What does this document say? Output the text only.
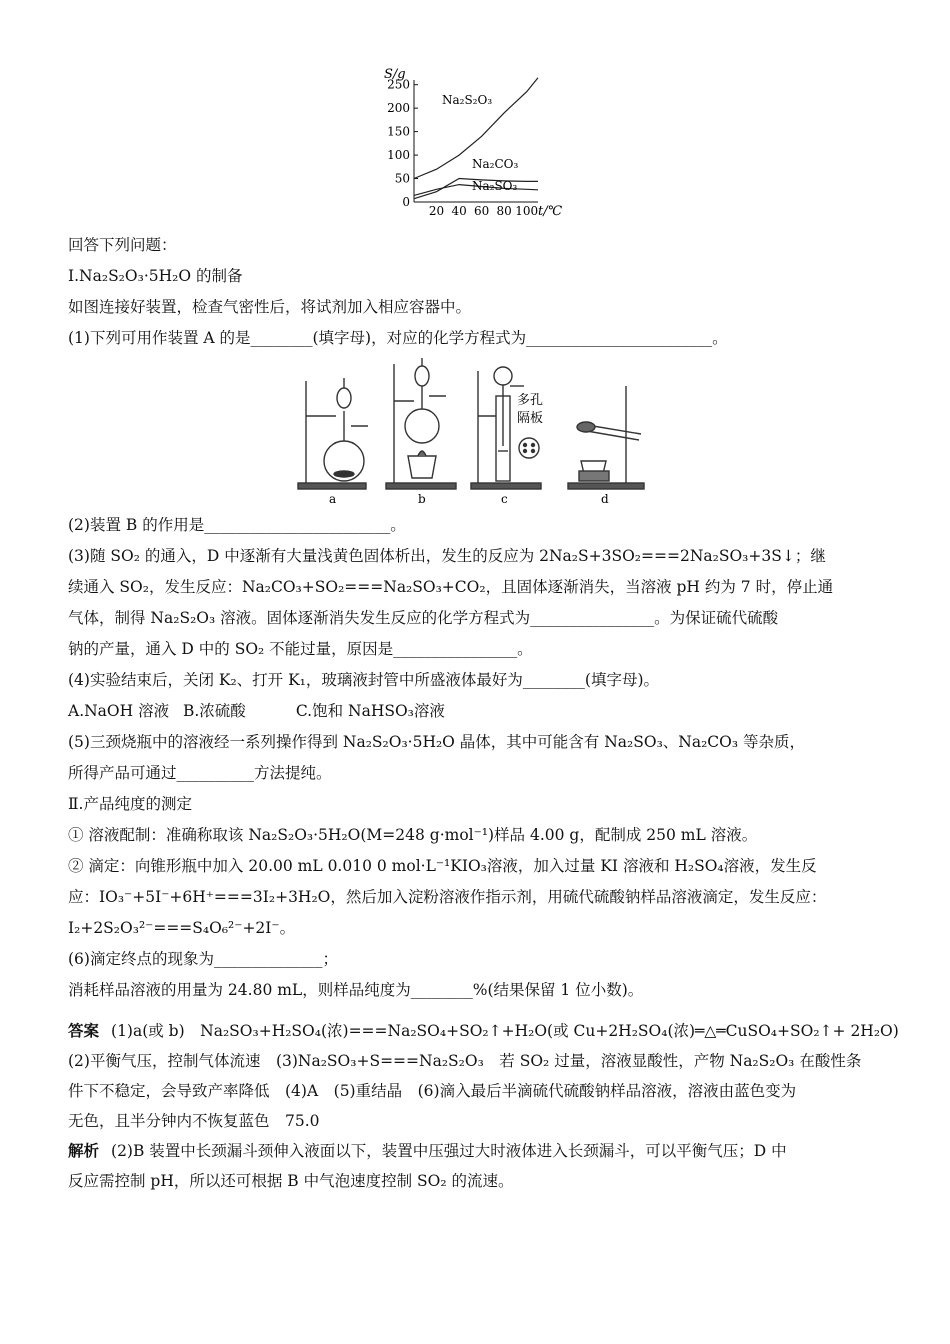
S/g
250
200
150
100
50
0
20 40 60 80 100
Na₂S₂O₃
Na₂CO₃
Na₂SO₃
t/℃
回答下列问题：
Ⅰ.Na₂S₂O₃·5H₂O 的制备
如图连接好装置，检查气密性后，将试剂加入相应容器中。
(1)下列可用作装置 A 的是________(填字母)，对应的化学方程式为________________________。
多孔
隔板
a	b	c	d
(2)装置 B 的作用是________________________。
(3)随 SO₂ 的通入，D 中逐渐有大量浅黄色固体析出，发生的反应为 2Na₂S+3SO₂===2Na₂SO₃+3S↓；继
续通入 SO₂，发生反应：Na₂CO₃+SO₂===Na₂SO₃+CO₂，且固体逐渐消失，当溶液 pH 约为 7 时，停止通
气体，制得 Na₂S₂O₃ 溶液。固体逐渐消失发生反应的化学方程式为________________。为保证硫代硫酸
钠的产量，通入 D 中的 SO₂ 不能过量，原因是________________。
(4)实验结束后，关闭 K₂、打开 K₁，玻璃液封管中所盛液体最好为________(填字母)。
A.NaOH 溶液 B.浓硫酸	C.饱和 NaHSO₃溶液
(5)三颈烧瓶中的溶液经一系列操作得到 Na₂S₂O₃·5H₂O 晶体，其中可能含有 Na₂SO₃、Na₂CO₃ 等杂质，
所得产品可通过__________方法提纯。
Ⅱ.产品纯度的测定
① 溶液配制：准确称取该 Na₂S₂O₃·5H₂O(M=248 g·mol⁻¹)样品 4.00 g，配制成 250 mL 溶液。
② 滴定：向锥形瓶中加入 20.00 mL 0.010 0 mol·L⁻¹KIO₃溶液，加入过量 KI 溶液和 H₂SO₄溶液，发生反
应：IO₃⁻+5I⁻+6H⁺===3I₂+3H₂O，然后加入淀粉溶液作指示剂，用硫代硫酸钠样品溶液滴定，发生反应：
I₂+2S₂O₃²⁻===S₄O₆²⁻+2I⁻。
(6)滴定终点的现象为______________；
消耗样品溶液的用量为 24.80 mL，则样品纯度为________%(结果保留 1 位小数)。
答案 (1)a(或 b)　Na₂SO₃+H₂SO₄(浓)===Na₂SO₄+SO₂↑+H₂O(或 Cu+2H₂SO₄(浓)═△═CuSO₄+SO₂↑+ 2H₂O)
(2)平衡气压，控制气体流速　(3)Na₂SO₃+S===Na₂S₂O₃　若 SO₂ 过量，溶液显酸性，产物 Na₂S₂O₃ 在酸性条
件下不稳定，会导致产率降低　(4)A　(5)重结晶　(6)滴入最后半滴硫代硫酸钠样品溶液，溶液由蓝色变为
无色，且半分钟内不恢复蓝色　75.0
解析 (2)B 装置中长颈漏斗颈伸入液面以下，装置中压强过大时液体进入长颈漏斗，可以平衡气压；D 中
反应需控制 pH，所以还可根据 B 中气泡速度控制 SO₂ 的流速。
